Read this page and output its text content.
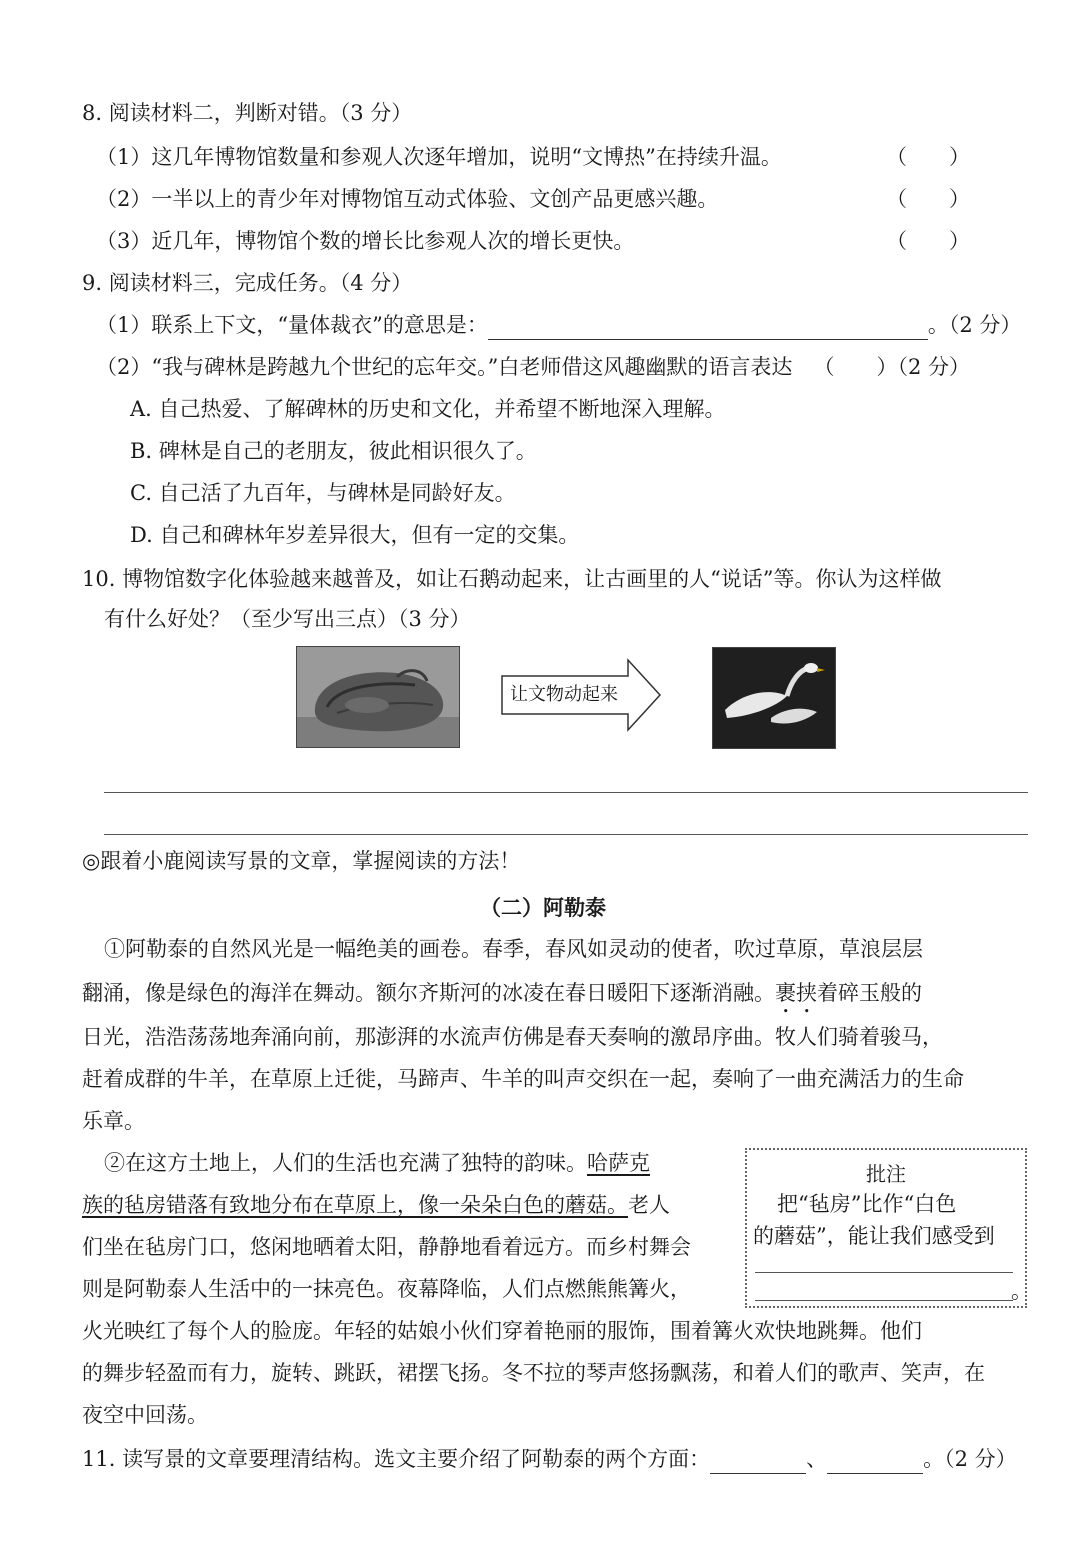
8. 阅读材料二，判断对错。（3 分）
（1）这几年博物馆数量和参观人次逐年增加，说明“文博热”在持续升温。	（　　）
（2）一半以上的青少年对博物馆互动式体验、文创产品更感兴趣。	（　　）
（3）近几年，博物馆个数的增长比参观人次的增长更快。	（　　）
9. 阅读材料三，完成任务。（4 分）
（1）联系上下文，“量体裁衣”的意思是：	。（2 分）
（2）“我与碑林是跨越九个世纪的忘年交。”白老师借这风趣幽默的语言表达 （　　）（2 分）
A. 自己热爱、了解碑林的历史和文化，并希望不断地深入理解。
B. 碑林是自己的老朋友，彼此相识很久了。
C. 自己活了九百年，与碑林是同龄好友。
D. 自己和碑林年岁差异很大，但有一定的交集。
10. 博物馆数字化体验越来越普及，如让石鹅动起来，让古画里的人“说话”等。你认为这样做
有什么好处？（至少写出三点）（3 分）
让文物动起来
◎跟着小鹿阅读写景的文章，掌握阅读的方法！
（二）阿勒泰
①阿勒泰的自然风光是一幅绝美的画卷。春季，春风如灵动的使者，吹过草原，草浪层层
翻涌，像是绿色的海洋在舞动。额尔齐斯河的冰凌在春日暖阳下逐渐消融。裹挟着碎玉般的
日光，浩浩荡荡地奔涌向前，那澎湃的水流声仿佛是春天奏响的激昂序曲。牧人们骑着骏马，
赶着成群的牛羊，在草原上迁徙，马蹄声、牛羊的叫声交织在一起，奏响了一曲充满活力的生命
乐章。
②在这方土地上，人们的生活也充满了独特的韵味。哈萨克
族的毡房错落有致地分布在草原上，像一朵朵白色的蘑菇。老人
们坐在毡房门口，悠闲地晒着太阳，静静地看着远方。而乡村舞会
则是阿勒泰人生活中的一抹亮色。夜幕降临，人们点燃熊熊篝火，
火光映红了每个人的脸庞。年轻的姑娘小伙们穿着艳丽的服饰，围着篝火欢快地跳舞。他们
的舞步轻盈而有力，旋转、跳跃，裙摆飞扬。冬不拉的琴声悠扬飘荡，和着人们的歌声、笑声，在
夜空中回荡。
批注
把“毡房”比作“白色
的蘑菇”，能让我们感受到
。
11. 读写景的文章要理清结构。选文主要介绍了阿勒泰的两个方面：	、	。（2 分）
